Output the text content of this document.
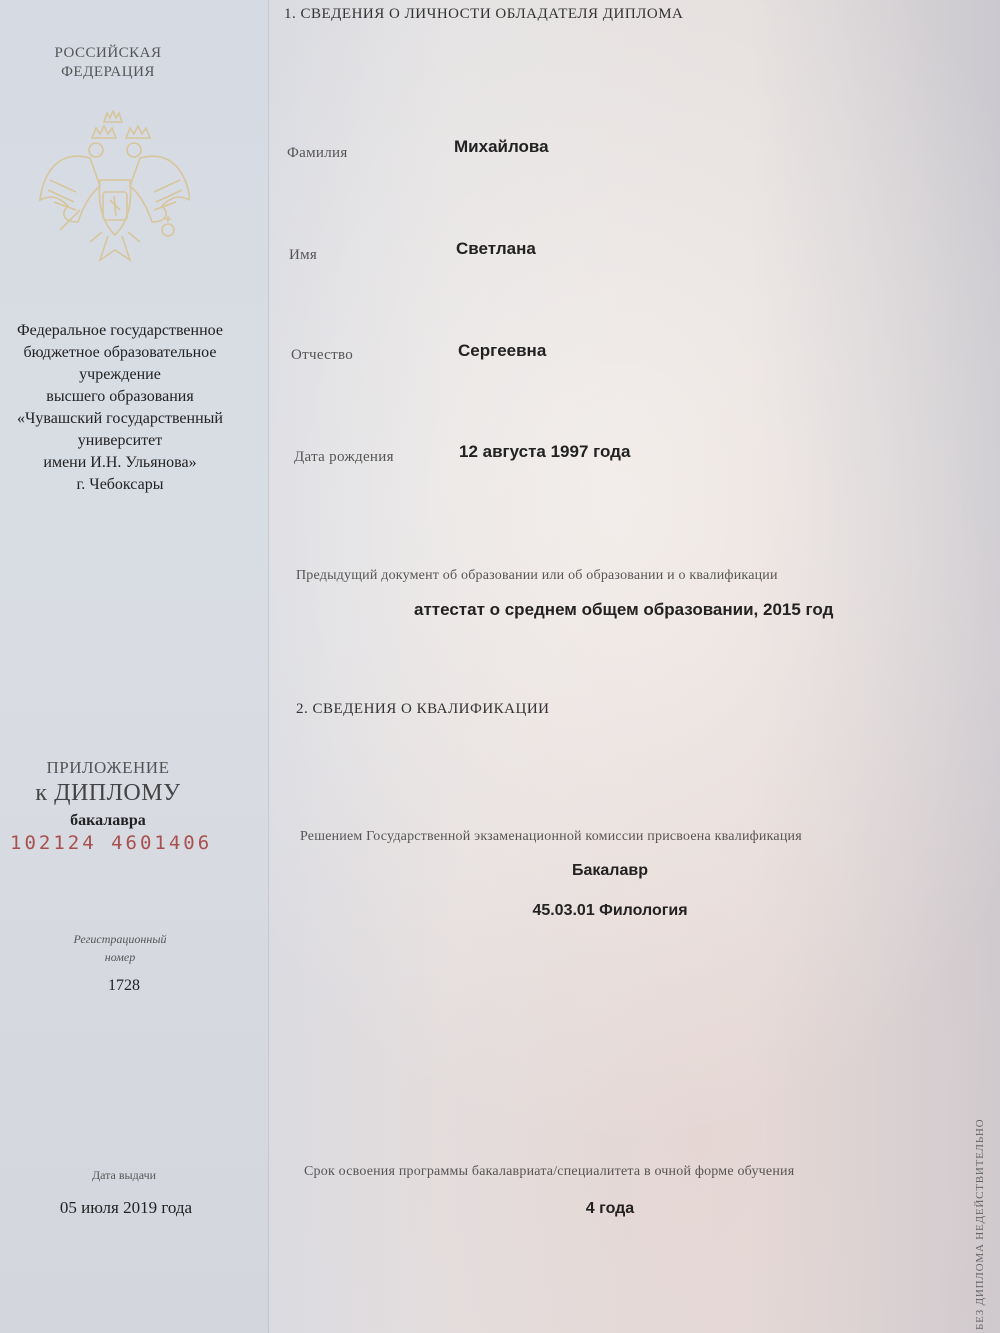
РОССИЙСКАЯ
ФЕДЕРАЦИЯ
Федеральное государственное
бюджетное образовательное
учреждение
высшего образования
«Чувашский государственный
университет
имени И.Н. Ульянова»
г. Чебоксары
ПРИЛОЖЕНИЕ
к ДИПЛОМУ
бакалавра
102124 4601406
Регистрационный
номер
1728
Дата выдачи
05 июля 2019 года
1. СВЕДЕНИЯ О ЛИЧНОСТИ ОБЛАДАТЕЛЯ ДИПЛОМА
Фамилия	Михайлова
Имя	Светлана
Отчество	Сергеевна
Дата рождения	12 августа 1997 года
Предыдущий документ об образовании или об образовании и о квалификации
аттестат о среднем общем образовании, 2015 год
2. СВЕДЕНИЯ О КВАЛИФИКАЦИИ
Решением Государственной экзаменационной комиссии присвоена квалификация
Бакалавр
45.03.01 Филология
Срок освоения программы бакалавриата/специалитета в очной форме обучения
4 года	БЕЗ ДИПЛОМА НЕДЕЙСТВИТЕЛЬНО
